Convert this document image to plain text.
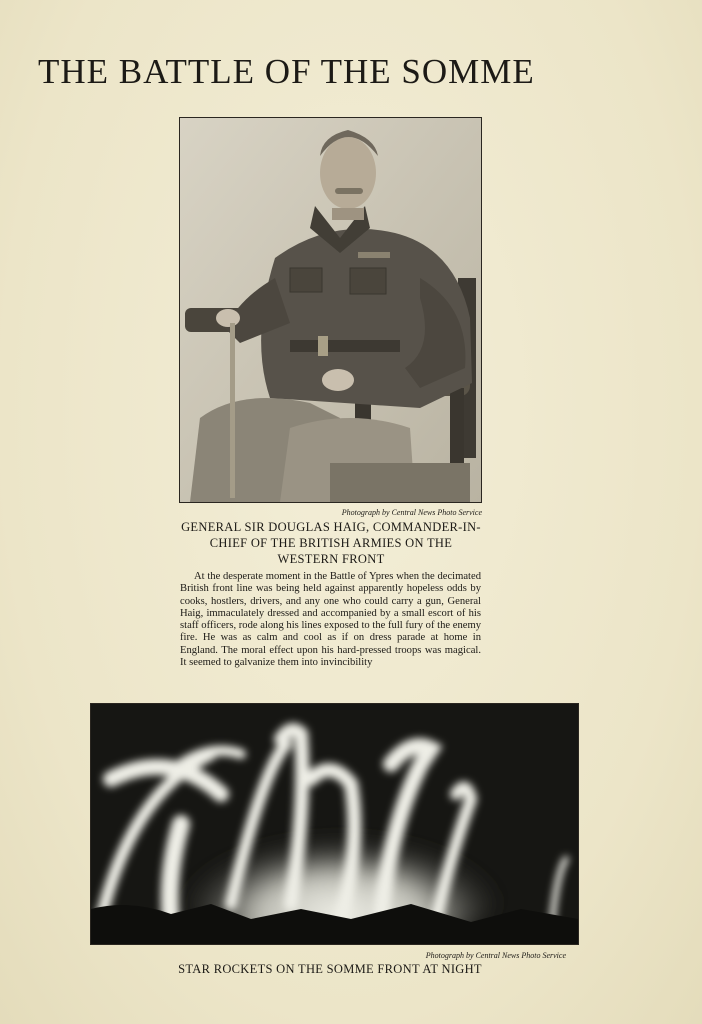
THE BATTLE OF THE SOMME
Photograph by Central News Photo Service
GENERAL SIR DOUGLAS HAIG, COMMANDER-IN-CHIEF OF THE BRITISH ARMIES ON THE WESTERN FRONT
At the desperate moment in the Battle of Ypres when the decimated British front line was being held against apparently hopeless odds by cooks, hostlers, drivers, and any one who could carry a gun, General Haig, immaculately dressed and accompanied by a small escort of his staff officers, rode along his lines exposed to the full fury of the enemy fire. He was as calm and cool as if on dress parade at home in England. The moral effect upon his hard-pressed troops was magical. It seemed to galvanize them into invincibility
Photograph by Central News Photo Service
STAR ROCKETS ON THE SOMME FRONT AT NIGHT
